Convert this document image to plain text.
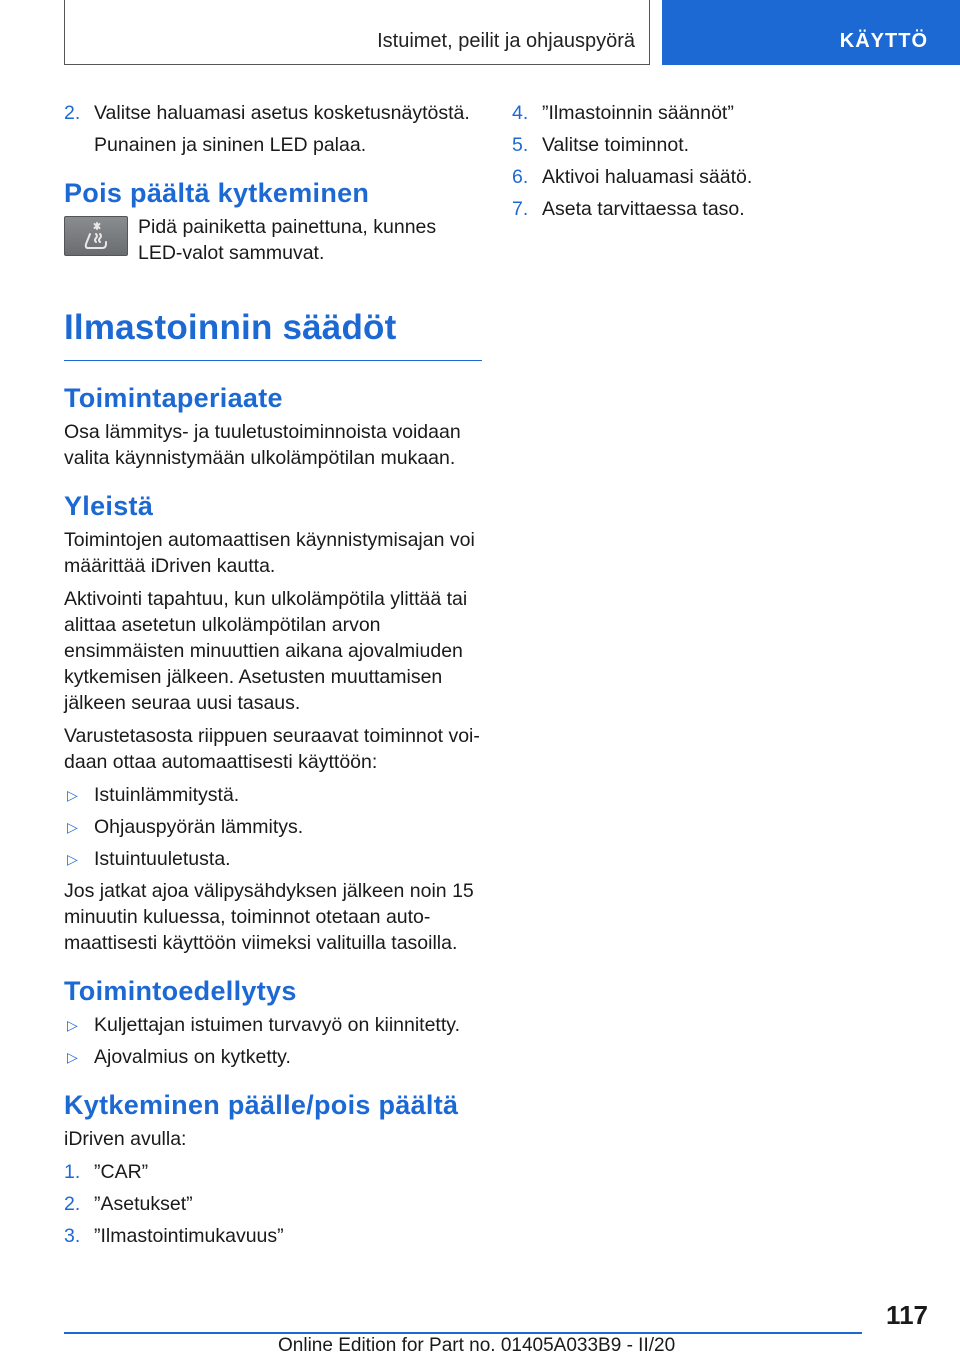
Istuimet, peilit ja ohjauspyörä	KÄYTTÖ
2. Valitse haluamasi asetus kosketusnäytöstä.
Punainen ja sininen LED palaa.
Pois päältä kytkeminen
Pidä painiketta painettuna, kunnes LED-valot sammuvat.
Ilmastoinnin säädöt
Toimintaperiaate
Osa lämmitys- ja tuuletustoiminnoista voidaan valita käynnistymään ulkolämpötilan mukaan.
Yleistä
Toimintojen automaattisen käynnistymisajan voi määrittää iDriven kautta.
Aktivointi tapahtuu, kun ulkolämpötila ylittää tai alittaa asetetun ulkolämpötilan arvon ensimmäisten minuuttien aikana ajovalmiuden kytkemisen jälkeen. Asetusten muuttamisen jälkeen seuraa uusi tasaus.
Varustetasosta riippuen seuraavat toiminnot voidaan ottaa automaattisesti käyttöön:
▷ Istuinlämmitystä.
▷ Ohjauspyörän lämmitys.
▷ Istuintuuletusta.
Jos jatkat ajoa välipysähdyksen jälkeen noin 15 minuutin kuluessa, toiminnot otetaan automaattisesti käyttöön viimeksi valituilla tasoilla.
Toimintoedellytys
▷ Kuljettajan istuimen turvavyö on kiinnitetty.
▷ Ajovalmius on kytketty.
Kytkeminen päälle/pois päältä
iDriven avulla:
1. ”CAR”
2. ”Asetukset”
3. ”Ilmastointimukavuus”
4. ”Ilmastoinnin säännöt”
5. Valitse toiminnot.
6. Aktivoi haluamasi säätö.
7. Aseta tarvittaessa taso.
117
Online Edition for Part no. 01405A033B9 - II/20
